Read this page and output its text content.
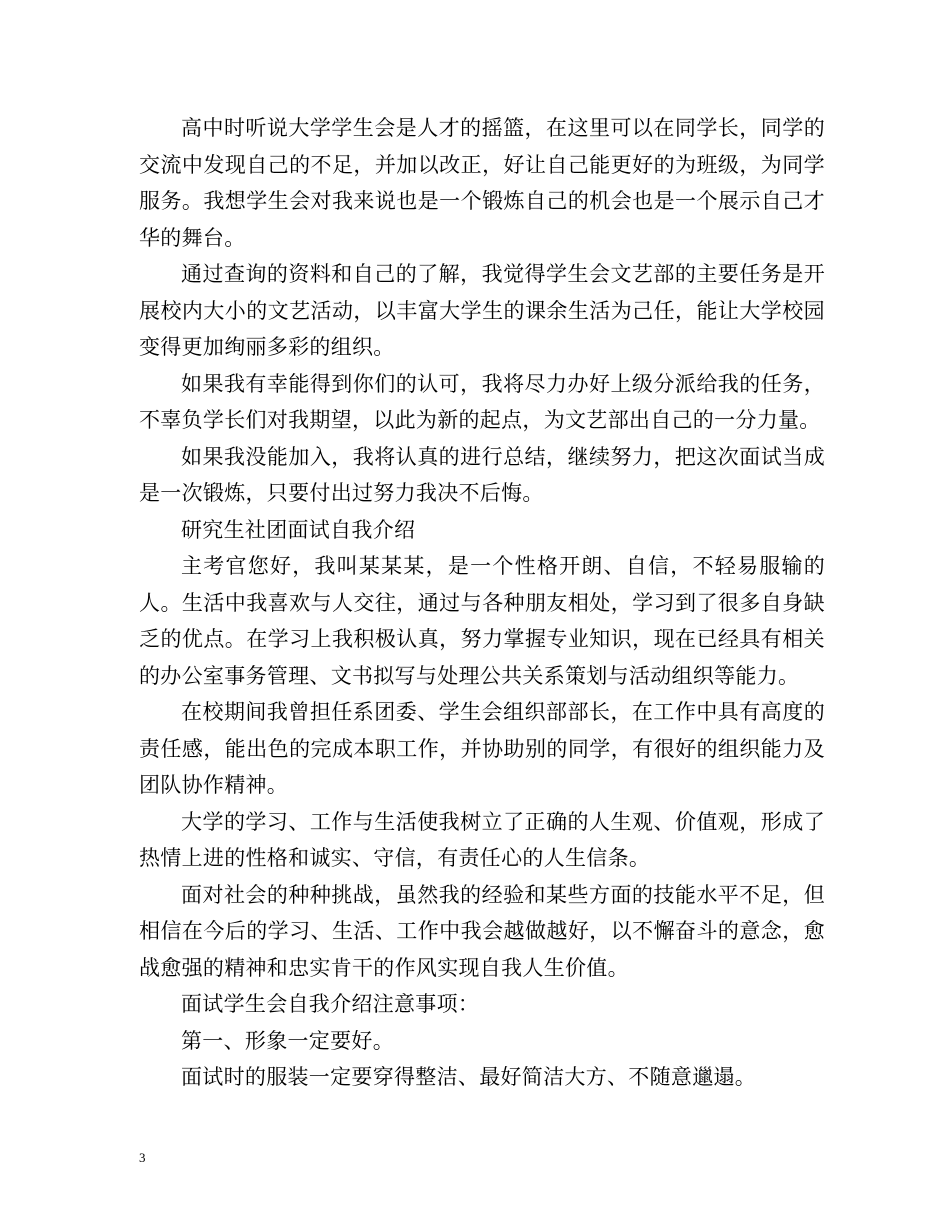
高中时听说大学学生会是人才的摇篮，在这里可以在同学长，同学的交流中发现自己的不足，并加以改正，好让自己能更好的为班级，为同学服务。我想学生会对我来说也是一个锻炼自己的机会也是一个展示自己才华的舞台。

通过查询的资料和自己的了解，我觉得学生会文艺部的主要任务是开展校内大小的文艺活动，以丰富大学生的课余生活为己任，能让大学校园变得更加绚丽多彩的组织。

如果我有幸能得到你们的认可，我将尽力办好上级分派给我的任务，不辜负学长们对我期望，以此为新的起点，为文艺部出自己的一分力量。

如果我没能加入，我将认真的进行总结，继续努力，把这次面试当成是一次锻炼，只要付出过努力我决不后悔。

研究生社团面试自我介绍

主考官您好，我叫某某某，是一个性格开朗、自信，不轻易服输的人。生活中我喜欢与人交往，通过与各种朋友相处，学习到了很多自身缺乏的优点。在学习上我积极认真，努力掌握专业知识，现在已经具有相关的办公室事务管理、文书拟写与处理公共关系策划与活动组织等能力。

在校期间我曾担任系团委、学生会组织部部长，在工作中具有高度的责任感，能出色的完成本职工作，并协助别的同学，有很好的组织能力及团队协作精神。

大学的学习、工作与生活使我树立了正确的人生观、价值观，形成了热情上进的性格和诚实、守信，有责任心的人生信条。

面对社会的种种挑战，虽然我的经验和某些方面的技能水平不足，但相信在今后的学习、生活、工作中我会越做越好，以不懈奋斗的意念，愈战愈强的精神和忠实肯干的作风实现自我人生价值。

面试学生会自我介绍注意事项：

第一、形象一定要好。

面试时的服装一定要穿得整洁、最好简洁大方、不随意邋遢。

3
